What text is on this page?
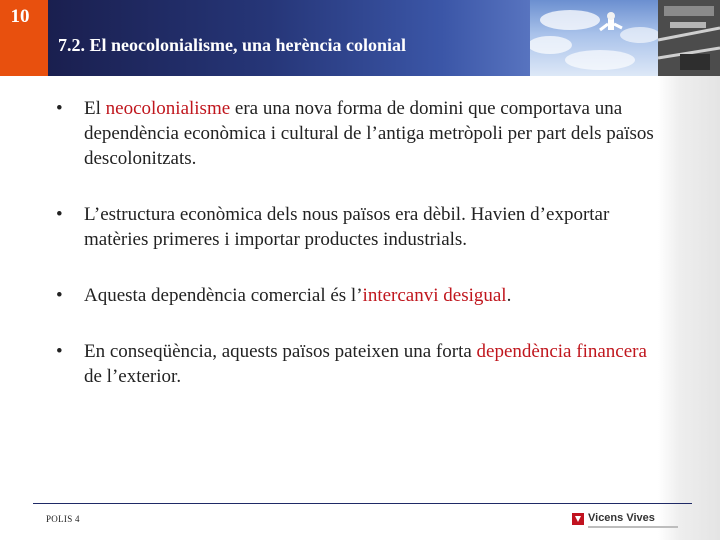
10
7.2. El neocolonialisme, una herència colonial
• El neocolonialisme era una nova forma de domini que comportava una dependència econòmica i cultural de l’antiga metròpoli per part dels països descolonitzats.
• L’estructura econòmica dels nous països era dèbil. Havien d’exportar matèries primeres i importar productes industrials.
• Aquesta dependència comercial és l’intercanvi desigual.
• En conseqüència, aquests països pateixen una forta dependència financera de l’exterior.
POLIS 4	Vicens Vives
